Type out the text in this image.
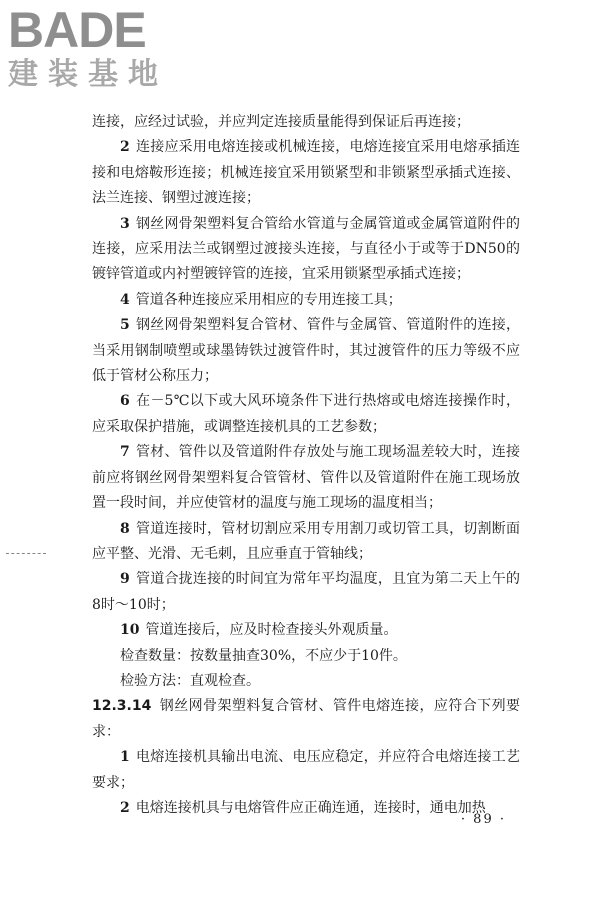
BADE
建装基地

连接，应经过试验，并应判定连接质量能得到保证后再连接；

2 连接应采用电熔连接或机械连接，电熔连接宜采用电熔承插连接和电熔鞍形连接；机械连接宜采用锁紧型和非锁紧型承插式连接、法兰连接、钢塑过渡连接；

3 钢丝网骨架塑料复合管给水管道与金属管道或金属管道附件的连接，应采用法兰或钢塑过渡接头连接，与直径小于或等于DN50的镀锌管道或内衬塑镀锌管的连接，宜采用锁紧型承插式连接；

4 管道各种连接应采用相应的专用连接工具；

5 钢丝网骨架塑料复合管材、管件与金属管、管道附件的连接，当采用钢制喷塑或球墨铸铁过渡管件时，其过渡管件的压力等级不应低于管材公称压力；

6 在－5℃以下或大风环境条件下进行热熔或电熔连接操作时，应采取保护措施，或调整连接机具的工艺参数；

7 管材、管件以及管道附件存放处与施工现场温差较大时，连接前应将钢丝网骨架塑料复合管管材、管件以及管道附件在施工现场放置一段时间，并应使管材的温度与施工现场的温度相当；

8 管道连接时，管材切割应采用专用割刀或切管工具，切割断面应平整、光滑、无毛刺，且应垂直于管轴线；

9 管道合拢连接的时间宜为常年平均温度，且宜为第二天上午的8时～10时；

10 管道连接后，应及时检查接头外观质量。

检查数量：按数量抽查30%，不应少于10件。

检验方法：直观检查。

12.3.14 钢丝网骨架塑料复合管材、管件电熔连接，应符合下列要求：

1 电熔连接机具输出电流、电压应稳定，并应符合电熔连接工艺要求；

2 电熔连接机具与电熔管件应正确连通，连接时，通电加热

· 89 ·
